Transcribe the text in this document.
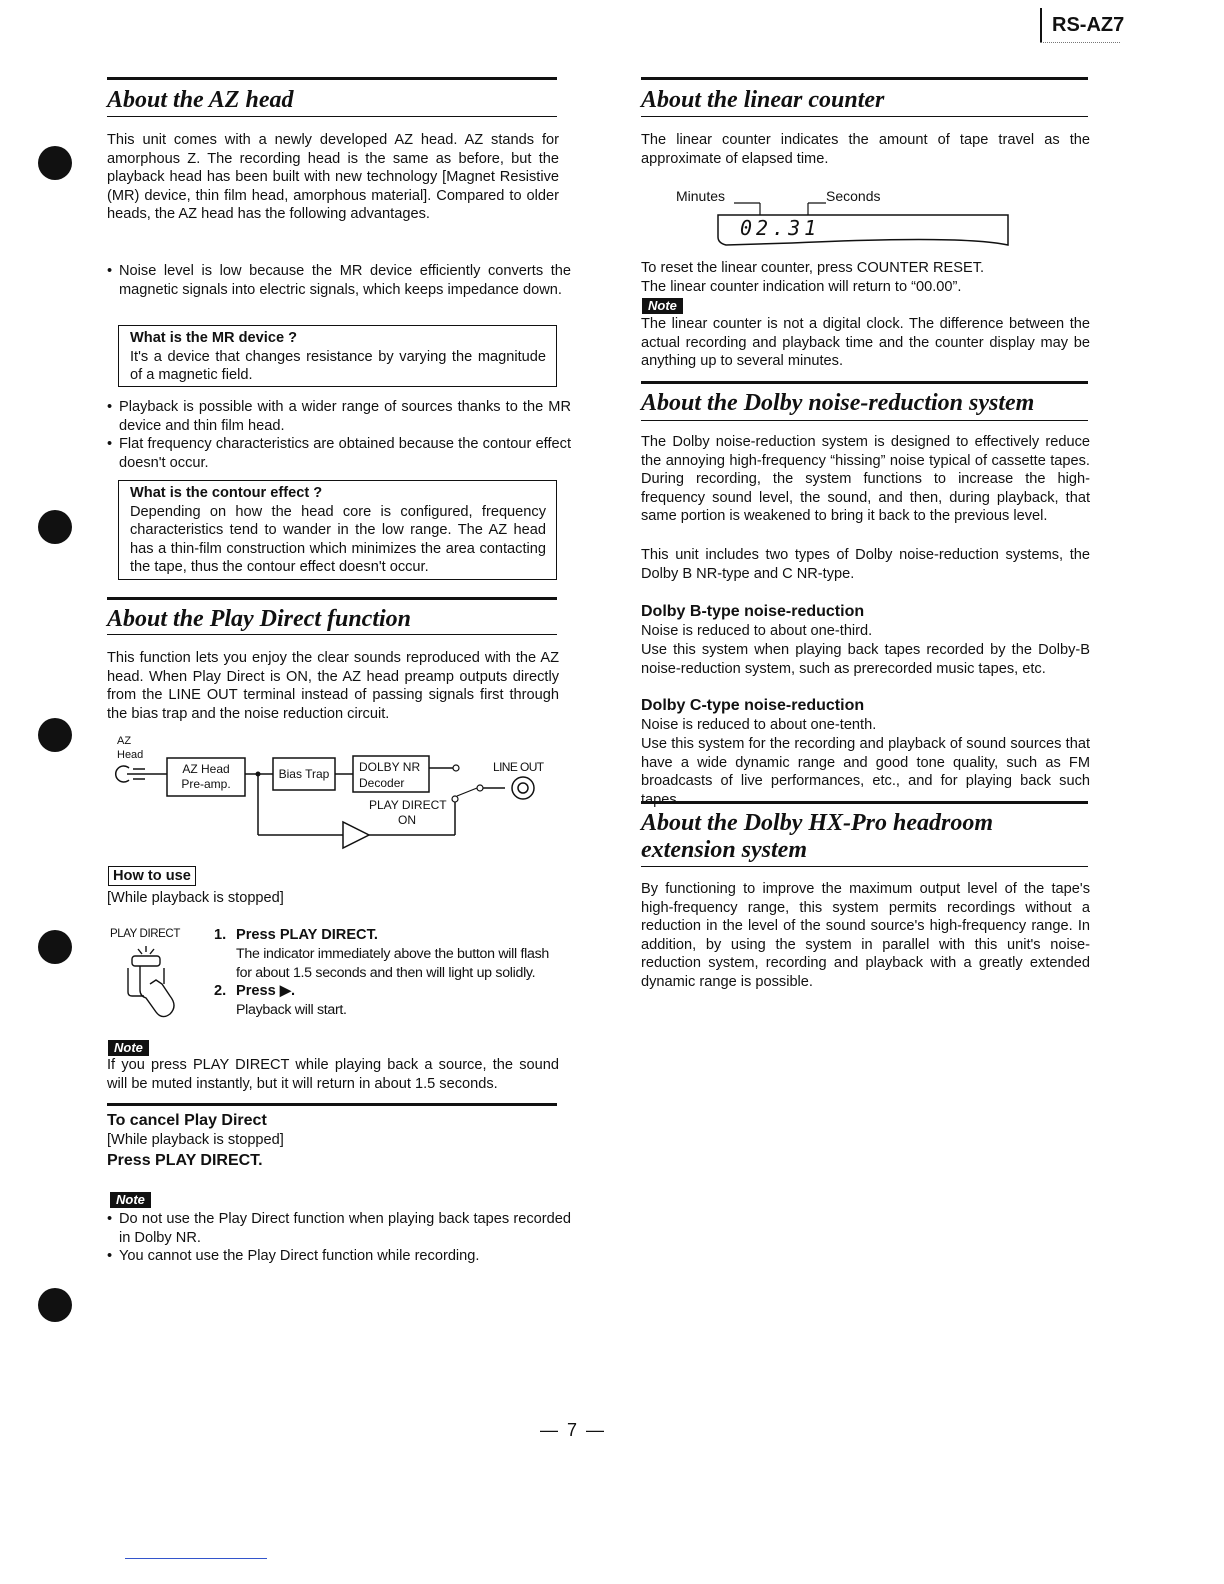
RS-AZ7
About the AZ head

This unit comes with a newly developed AZ head. AZ stands for amorphous Z. The recording head is the same as before, but the playback head has been built with new technology [Magnet Resistive (MR) device, thin film head, amorphous material]. Compared to older heads, the AZ head has the following advantages.

• Noise level is low because the MR device efficiently converts the magnetic signals into electric signals, which keeps impedance down.

What is the MR device ?

It's a device that changes resistance by varying the magnitude of a magnetic field.

• Playback is possible with a wider range of sources thanks to the MR device and thin film head.

• Flat frequency characteristics are obtained because the contour effect doesn't occur.

What is the contour effect ?

Depending on how the head core is configured, frequency characteristics tend to wander in the low range. The AZ head has a thin-film construction which minimizes the area contacting the tape, thus the contour effect doesn't occur.

About the Play Direct function

This function lets you enjoy the clear sounds reproduced with the AZ head. When Play Direct is ON, the AZ head preamp outputs directly from the LINE OUT terminal instead of passing signals first through the bias trap and the noise reduction circuit.

AZ
Head
AZ Head
Pre-amp.
Bias Trap DOLBY NR
Decoder
LINE OUT
PLAY DIRECT
ON
How to use

[While playback is stopped]

PLAY DIRECT 1. Press PLAY DIRECT.
The indicator immediately above the button will flash for about 1.5 seconds and then will light up solidly.
2. Press ▶.
Playback will start.
Note

If you press PLAY DIRECT while playing back a source, the sound will be muted instantly, but it will return in about 1.5 seconds.

To cancel Play Direct

[While playback is stopped]

Press PLAY DIRECT.

Note

• Do not use the Play Direct function when playing back tapes recorded in Dolby NR.

• You cannot use the Play Direct function while recording.

About the linear counter

The linear counter indicates the amount of tape travel as the approximate of elapsed time.

Minutes	Seconds
02.31

To reset the linear counter, press COUNTER RESET.

The linear counter indication will return to “00.00”.

Note

The linear counter is not a digital clock. The difference between the actual recording and playback time and the counter display may be anything up to several minutes.

About the Dolby noise-reduction system

The Dolby noise-reduction system is designed to effectively reduce the annoying high-frequency “hissing” noise typical of cassette tapes. During recording, the system functions to increase the high-frequency sound level, the sound, and then, during playback, that same portion is weakened to bring it back to the previous level.

This unit includes two types of Dolby noise-reduction systems, the Dolby B NR-type and C NR-type.

Dolby B-type noise-reduction

Noise is reduced to about one-third.

Use this system when playing back tapes recorded by the Dolby-B noise-reduction system, such as prerecorded music tapes, etc.

Dolby C-type noise-reduction

Noise is reduced to about one-tenth.

Use this system for the recording and playback of sound sources that have a wide dynamic range and good tone quality, such as FM broadcasts of live performances, etc., and for playing back such tapes.

About the Dolby HX-Pro headroom
extension system

By functioning to improve the maximum output level of the tape's high-frequency range, this system permits recordings without a reduction in the level of the sound source's high-frequency range. In addition, by using the system in parallel with this unit's noise-reduction system, recording and playback with a greatly extended dynamic range is possible.

— 7 —
